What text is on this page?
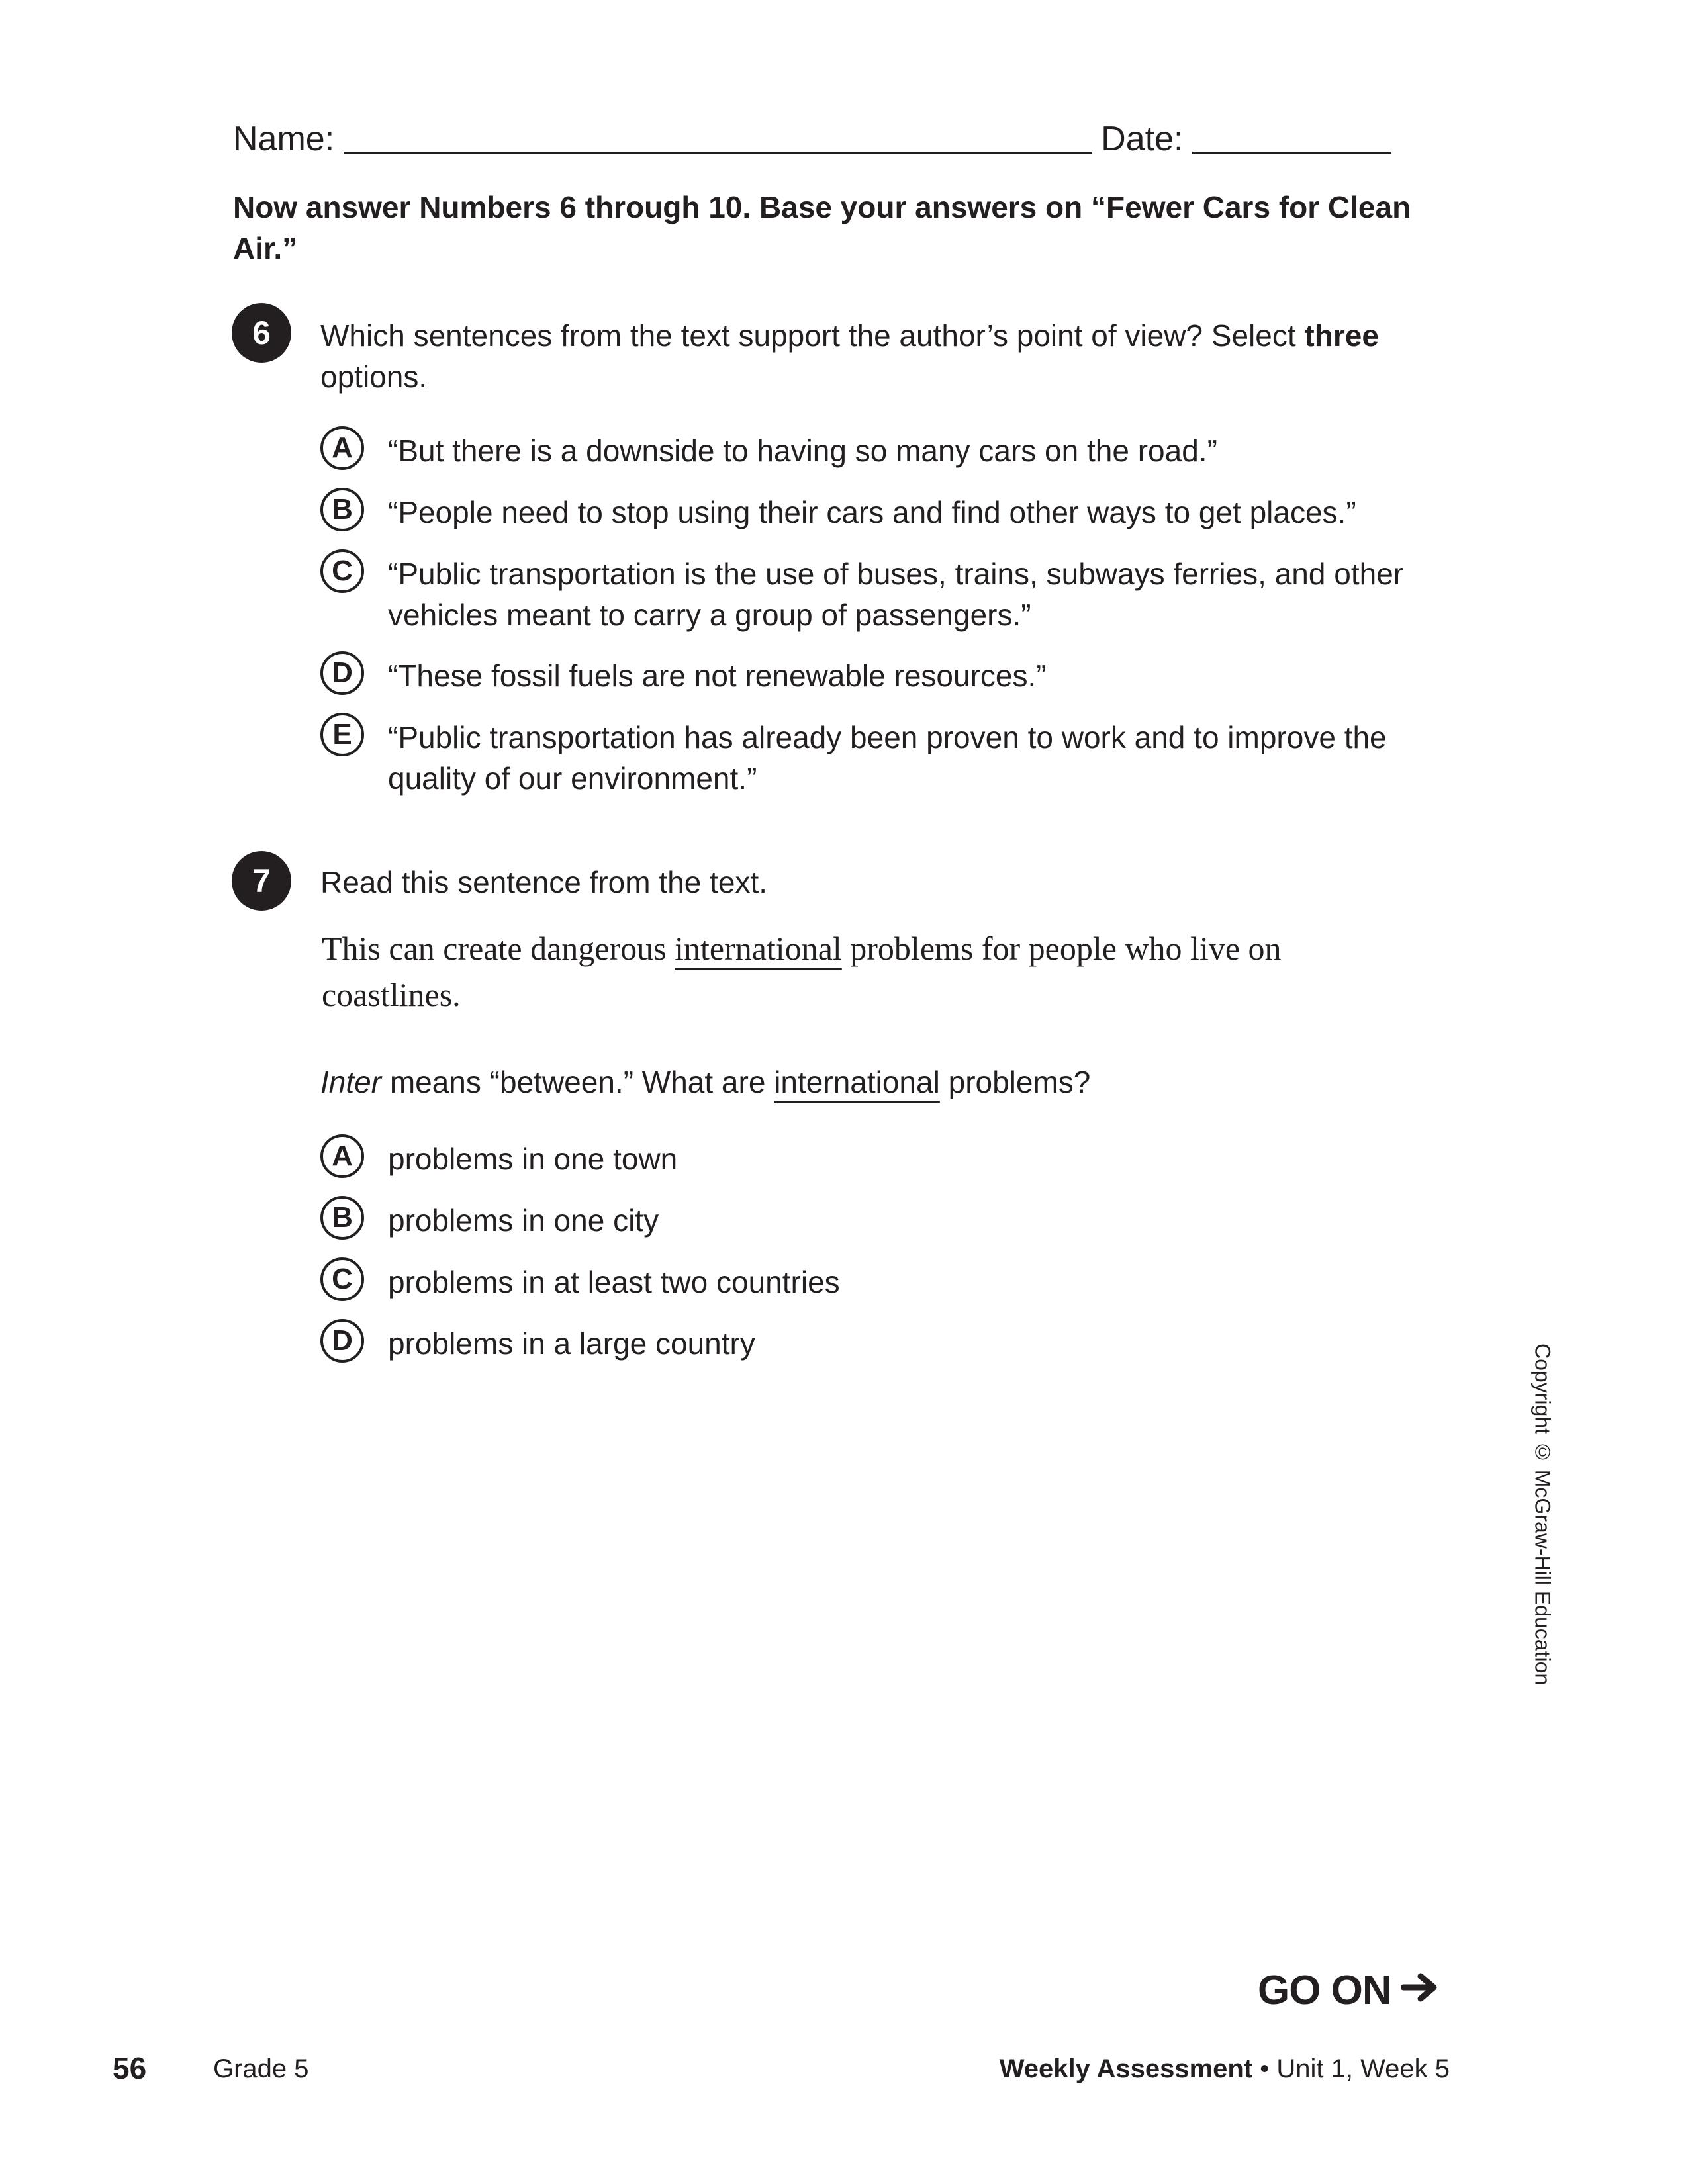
Name:	Date:
Now answer Numbers 6 through 10. Base your answers on “Fewer Cars for Clean Air.”
6	Which sentences from the text support the author’s point of view? Select three
options.
A	“But there is a downside to having so many cars on the road.”
B	“People need to stop using their cars and find other ways to get places.”
C	“Public transportation is the use of buses, trains, subways ferries, and other vehicles meant to carry a group of passengers.”
D	“These fossil fuels are not renewable resources.”
E	“Public transportation has already been proven to work and to improve the quality of our environment.”
7	Read this sentence from the text.
This can create dangerous international problems for people who live on coastlines.
Inter means “between.” What are international problems?
A	problems in one town
B	problems in one city
C	problems in at least two countries
D	problems in a large country	Copyright © McGraw-Hill Education
GO ON
56	Grade 5	Weekly Assessment • Unit 1, Week 5
